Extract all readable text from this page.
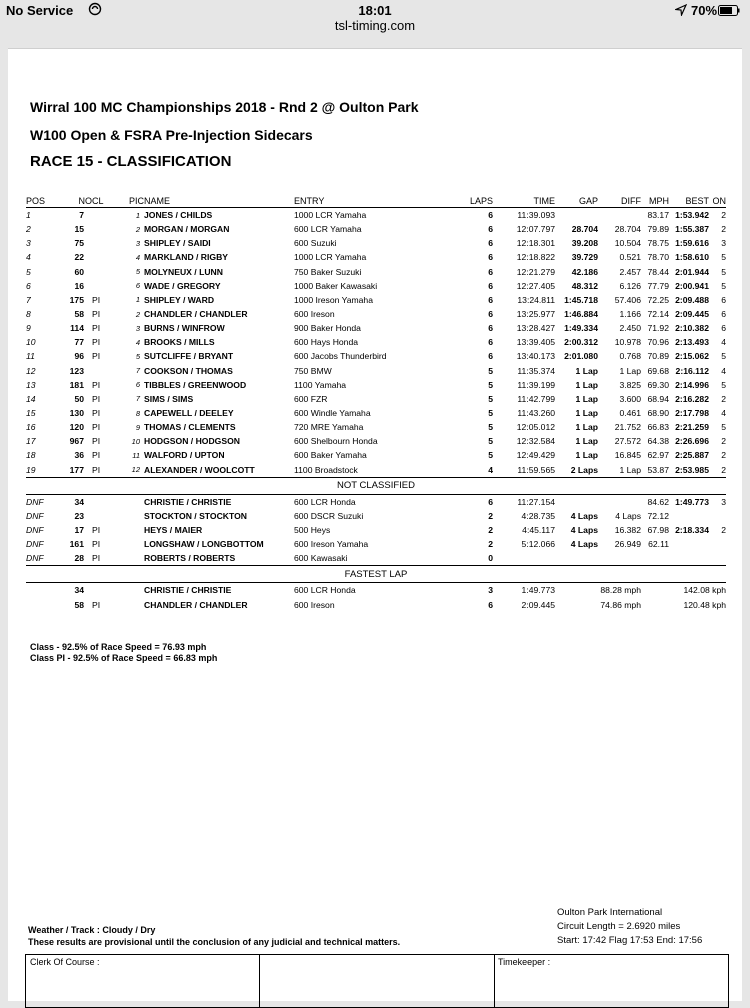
No Service	18:01	70%
tsl-timing.com
Wirral 100 MC Championships 2018 - Rnd 2 @ Oulton Park
W100 Open & FSRA Pre-Injection Sidecars
RACE 15 - CLASSIFICATION
POS	NO	CL	PIC	NAME	ENTRY	LAPS	TIME	GAP	DIFF	MPH	BEST	ON
1	7		1	JONES / CHILDS	1000 LCR Yamaha	6	11:39.093			83.17	1:53.942	2
2	15		2	MORGAN / MORGAN	600 LCR Yamaha	6	12:07.797	28.704	28.704	79.89	1:55.387	2
3	75		3	SHIPLEY / SAIDI	600 Suzuki	6	12:18.301	39.208	10.504	78.75	1:59.616	3
4	22		4	MARKLAND / RIGBY	1000 LCR Yamaha	6	12:18.822	39.729	0.521	78.70	1:58.610	5
5	60		5	MOLYNEUX / LUNN	750 Baker Suzuki	6	12:21.279	42.186	2.457	78.44	2:01.944	5
6	16		6	WADE / GREGORY	1000 Baker Kawasaki	6	12:27.405	48.312	6.126	77.79	2:00.941	5
7	175	PI	1	SHIPLEY / WARD	1000 Ireson Yamaha	6	13:24.811	1:45.718	57.406	72.25	2:09.488	6
8	58	PI	2	CHANDLER / CHANDLER	600 Ireson	6	13:25.977	1:46.884	1.166	72.14	2:09.445	6
9	114	PI	3	BURNS / WINFROW	900 Baker Honda	6	13:28.427	1:49.334	2.450	71.92	2:10.382	6
10	77	PI	4	BROOKS / MILLS	600 Hays Honda	6	13:39.405	2:00.312	10.978	70.96	2:13.493	4
11	96	PI	5	SUTCLIFFE / BRYANT	600 Jacobs Thunderbird	6	13:40.173	2:01.080	0.768	70.89	2:15.062	5
12	123		7	COOKSON / THOMAS	750 BMW	5	11:35.374	1 Lap	1 Lap	69.68	2:16.112	4
13	181	PI	6	TIBBLES / GREENWOOD	1100 Yamaha	5	11:39.199	1 Lap	3.825	69.30	2:14.996	5
14	50	PI	7	SIMS / SIMS	600 FZR	5	11:42.799	1 Lap	3.600	68.94	2:16.282	2
15	130	PI	8	CAPEWELL / DEELEY	600 Windle Yamaha	5	11:43.260	1 Lap	0.461	68.90	2:17.798	4
16	120	PI	9	THOMAS / CLEMENTS	720 MRE Yamaha	5	12:05.012	1 Lap	21.752	66.83	2:21.259	5
17	967	PI	10	HODGSON / HODGSON	600 Shelbourn Honda	5	12:32.584	1 Lap	27.572	64.38	2:26.696	2
18	36	PI	11	WALFORD / UPTON	600 Baker Yamaha	5	12:49.429	1 Lap	16.845	62.97	2:25.887	2
19	177	PI	12	ALEXANDER / WOOLCOTT	1100 Broadstock	4	11:59.565	2 Laps	1 Lap	53.87	2:53.985	2
NOT CLASSIFIED												
DNF	34			CHRISTIE / CHRISTIE	600 LCR Honda	6	11:27.154			84.62	1:49.773	3
DNF	23			STOCKTON / STOCKTON	600 DSCR Suzuki	2	4:28.735	4 Laps	4 Laps	72.12		
DNF	17	PI		HEYS / MAIER	500 Heys	2	4:45.117	4 Laps	16.382	67.98	2:18.334	2
DNF	161	PI		LONGSHAW / LONGBOTTOM	600 Ireson Yamaha	2	5:12.066	4 Laps	26.949	62.11		
DNF	28	PI		ROBERTS / ROBERTS	600 Kawasaki	0						
FASTEST LAP												
	34			CHRISTIE / CHRISTIE	600 LCR Honda	3	1:49.773	88.28 mph			142.08 kph	
	58	PI		CHANDLER / CHANDLER	600 Ireson	6	2:09.445	74.86 mph			120.48 kph	
Class - 92.5% of Race Speed = 76.93 mph
Class PI - 92.5% of Race Speed = 66.83 mph
Oulton Park International
Circuit Length = 2.6920 miles
Start: 17:42 Flag 17:53 End: 17:56
Weather / Track : Cloudy / Dry
These results are provisional until the conclusion of any judicial and technical matters.
Clerk Of Course :	Timekeeper :
